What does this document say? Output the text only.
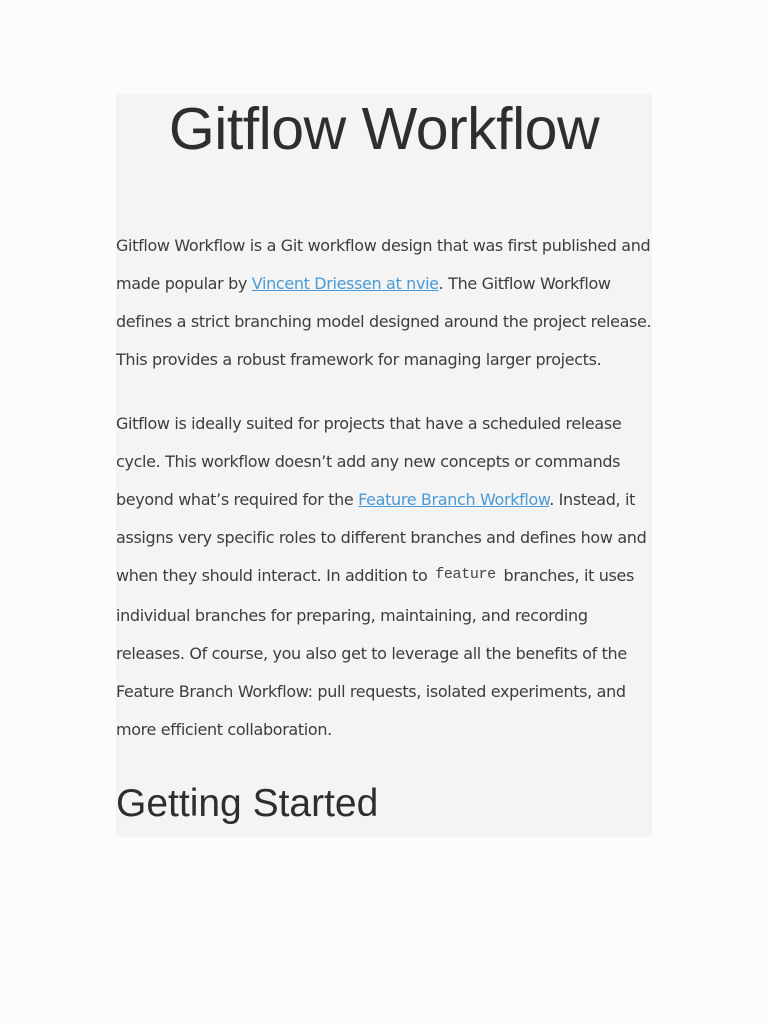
Gitflow Workflow

Gitflow Workflow is a Git workflow design that was first published and made popular by Vincent Driessen at nvie. The Gitflow Workflow defines a strict branching model designed around the project release. This provides a robust framework for managing larger projects.

Gitflow is ideally suited for projects that have a scheduled release cycle. This workflow doesn’t add any new concepts or commands beyond what’s required for the Feature Branch Workflow. Instead, it assigns very specific roles to different branches and defines how and when they should interact. In addition to feature branches, it uses individual branches for preparing, maintaining, and recording releases. Of course, you also get to leverage all the benefits of the Feature Branch Workflow: pull requests, isolated experiments, and more efficient collaboration.

Getting Started
